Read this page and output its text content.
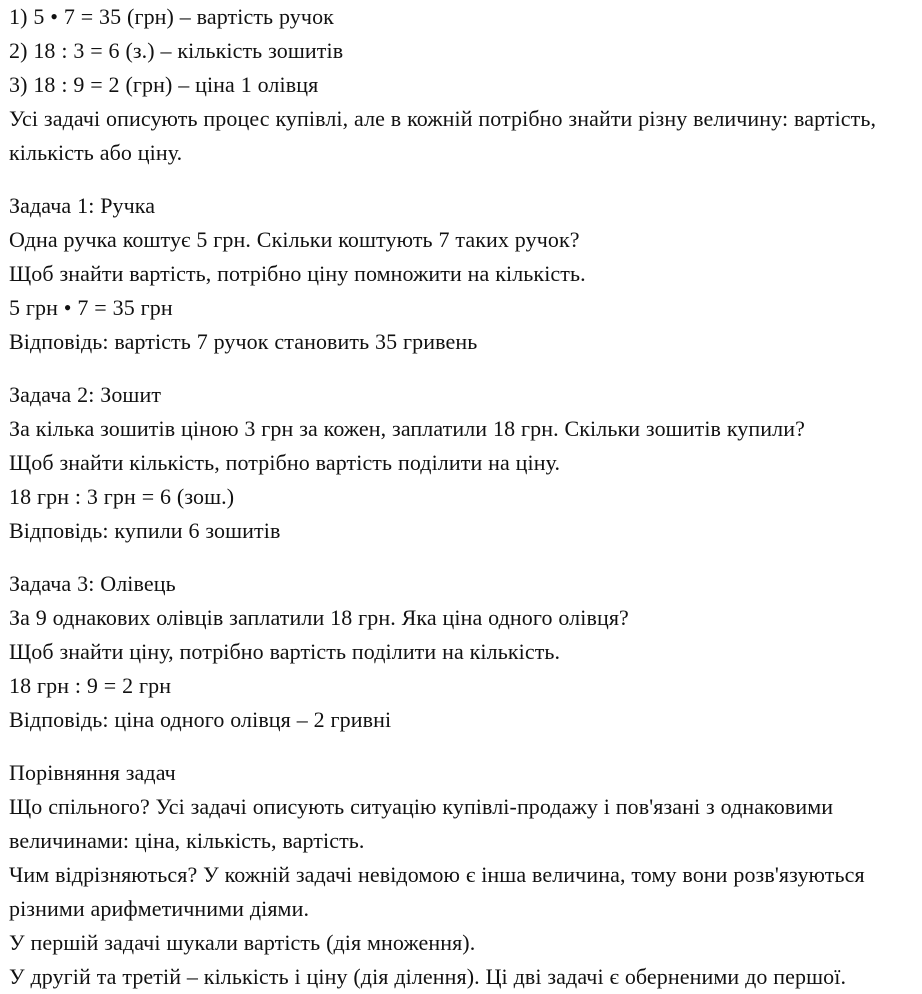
1) 5 • 7 = 35 (грн) – вартість ручок
2) 18 : 3 = 6 (з.) – кількість зошитів
3) 18 : 9 = 2 (грн) – ціна 1 олівця
Усі задачі описують процес купівлі, але в кожній потрібно знайти різну величину: вартість, кількість або ціну.
Задача 1: Ручка
Одна ручка коштує 5 грн. Скільки коштують 7 таких ручок?
Щоб знайти вартість, потрібно ціну помножити на кількість.
5 грн • 7 = 35 грн
Відповідь: вартість 7 ручок становить 35 гривень
Задача 2: Зошит
За кілька зошитів ціною 3 грн за кожен, заплатили 18 грн. Скільки зошитів купили?
Щоб знайти кількість, потрібно вартість поділити на ціну.
18 грн : 3 грн = 6 (зош.)
Відповідь: купили 6 зошитів
Задача 3: Олівець
За 9 однакових олівців заплатили 18 грн. Яка ціна одного олівця?
Щоб знайти ціну, потрібно вартість поділити на кількість.
18 грн : 9 = 2 грн
Відповідь: ціна одного олівця – 2 гривні
Порівняння задач
Що спільного? Усі задачі описують ситуацію купівлі-продажу і пов'язані з однаковими величинами: ціна, кількість, вартість.
Чим відрізняються? У кожній задачі невідомою є інша величина, тому вони розв'язуються різними арифметичними діями.
У першій задачі шукали вартість (дія множення).
У другій та третій – кількість і ціну (дія ділення). Ці дві задачі є оберненими до першої.
